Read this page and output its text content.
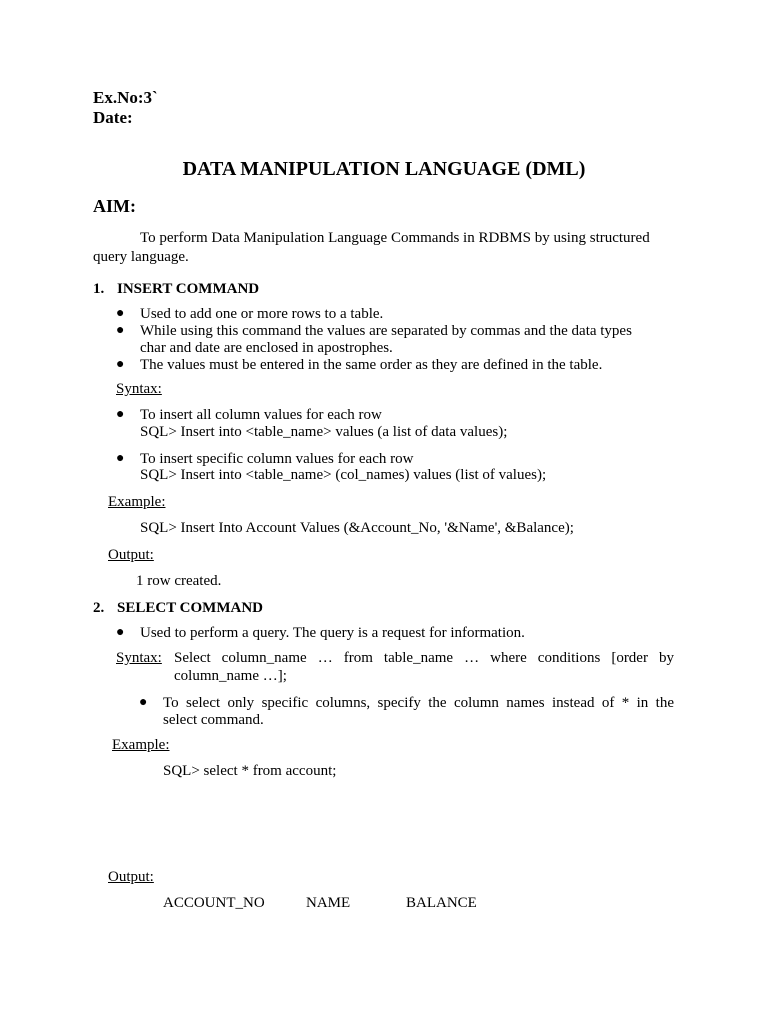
Ex.No:3`
Date:
DATA MANIPULATION LANGUAGE (DML)
AIM:
To perform Data Manipulation Language Commands in RDBMS by using structured
query language.
1. INSERT COMMAND
● Used to add one or more rows to a table.
● While using this command the values are separated by commas and the data types
char and date are enclosed in apostrophes.
● The values must be entered in the same order as they are defined in the table.
Syntax:
● To insert all column values for each row
SQL> Insert into <table_name> values (a list of data values);
● To insert specific column values for each row
SQL> Insert into <table_name> (col_names) values (list of values);
Example:
SQL> Insert Into Account Values (&Account_No, '&Name', &Balance);
Output:
1 row created.
2. SELECT COMMAND
● Used to perform a query. The query is a request for information.
Syntax: Select column_name … from table_name … where conditions [order by
column_name …];
● To select only specific columns, specify the column names instead of * in the
select command.
Example:
SQL> select * from account;
Output:
ACCOUNT_NO	NAME	BALANCE
